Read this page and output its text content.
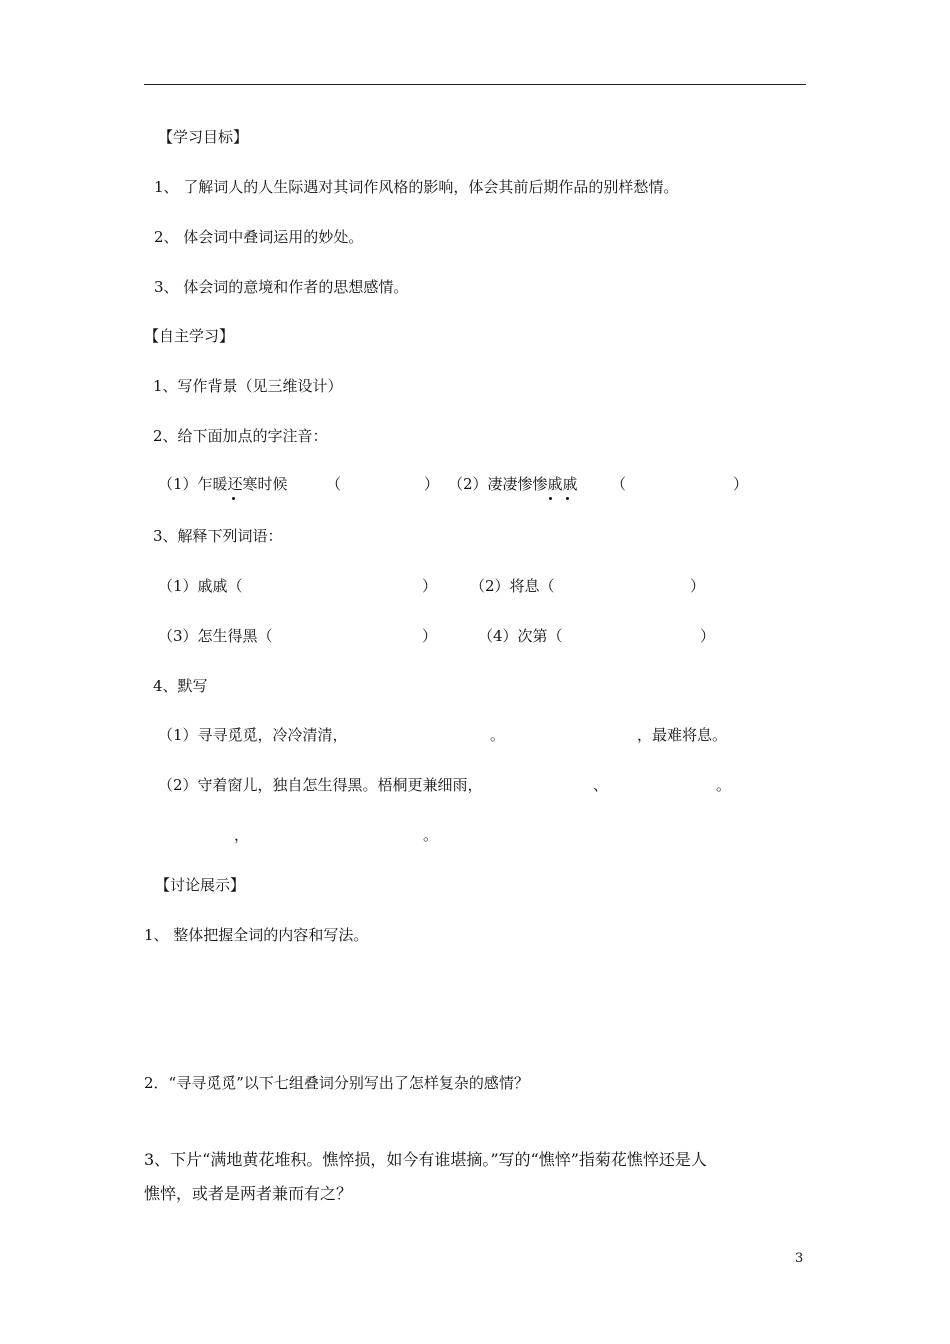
【学习目标】
1、 了解词人的人生际遇对其词作风格的影响，体会其前后期作品的别样愁情。
2、 体会词中叠词运用的妙处。
3、 体会词的意境和作者的思想感情。
【自主学习】
1、写作背景（见三维设计）
2、给下面加点的字注音：
（1）乍暖还寒时候	（	） （2）凄凄惨惨戚戚 （	）
3、解释下列词语：
（1）戚戚（	） （2）将息（	）
（3）怎生得黑（	）	（4）次第（	）
4、默写
（1）寻寻觅觅，冷冷清清，	。	，最难将息。
（2）守着窗儿，独自怎生得黑。梧桐更兼细雨，	、	。
，	。
【讨论展示】
1、 整体把握全词的内容和写法。
2．“寻寻觅觅”以下七组叠词分别写出了怎样复杂的感情？
3、下片“满地黄花堆积。憔悴损，如今有谁堪摘。”写的“憔悴”指菊花憔悴还是人
憔悴，或者是两者兼而有之？
3
